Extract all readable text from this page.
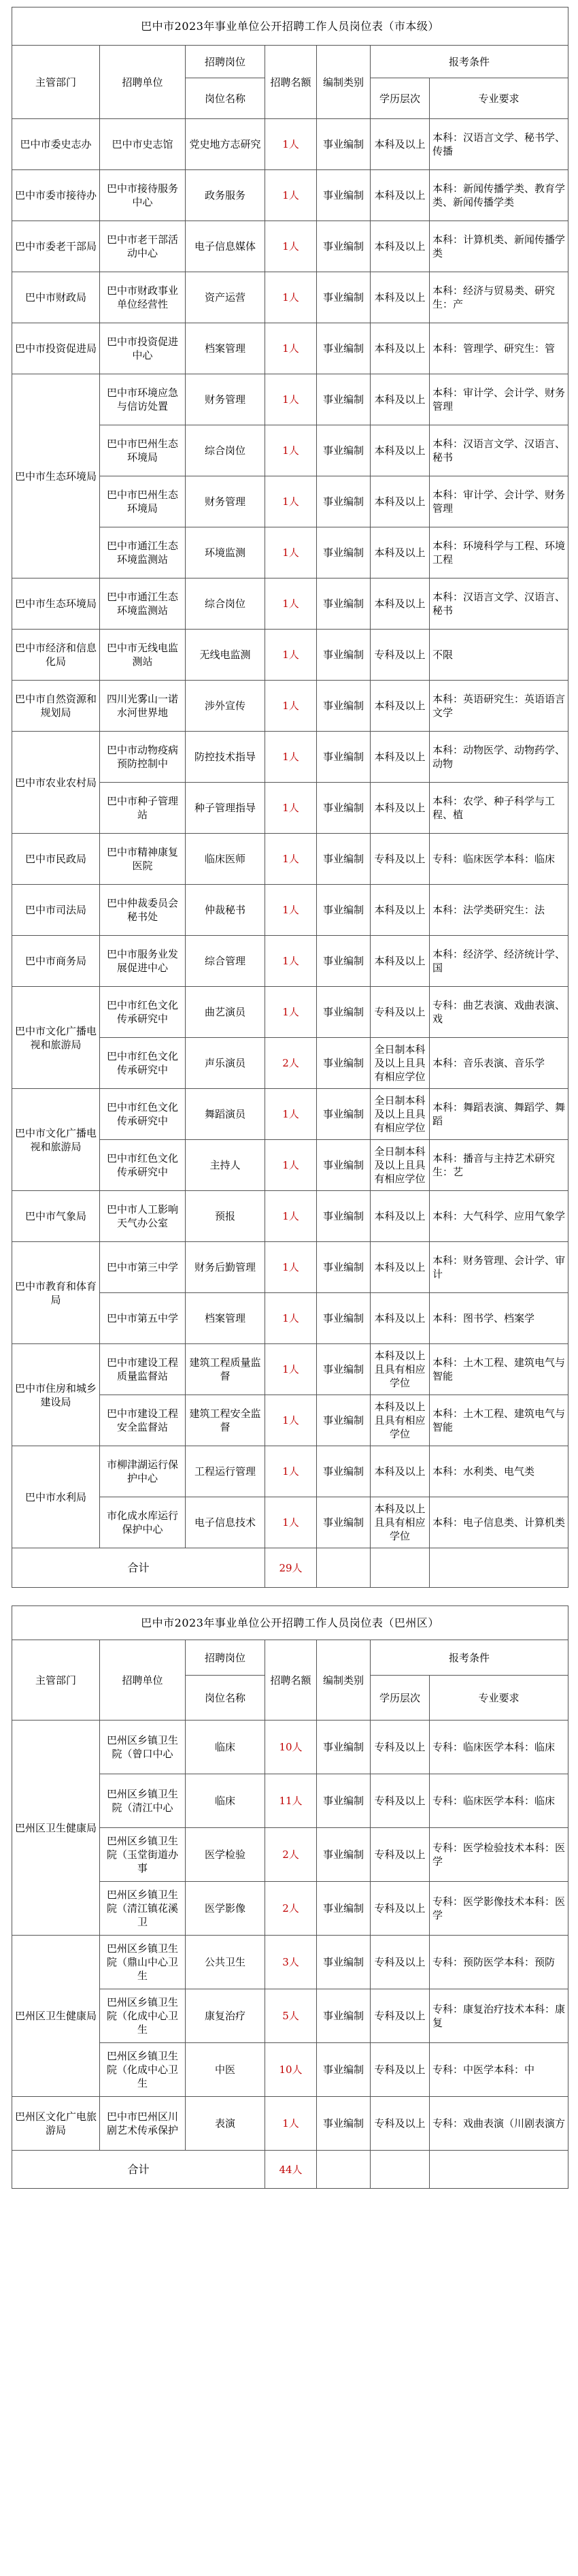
巴中市2023年事业单位公开招聘工作人员岗位表（市本级）						
主管部门	招聘单位	招聘岗位	招聘名额	编制类别	报考条件	
		岗位名称			学历层次	专业要求
巴中市委史志办	巴中市史志馆	党史地方志研究	1人	事业编制	本科及以上	本科：汉语言文学、秘书学、传播

巴中市委市接待办	巴中市接待服务中心	政务服务	1人	事业编制	本科及以上	本科：新闻传播学类、教育学类、新闻传播学类

巴中市委老干部局	巴中市老干部活动中心	电子信息媒体	1人	事业编制	本科及以上	本科：计算机类、新闻传播学类

巴中市财政局	巴中市财政事业单位经营性	资产运营	1人	事业编制	本科及以上	本科：经济与贸易类、研究生：产

巴中市投资促进局	巴中市投资促进中心	档案管理	1人	事业编制	本科及以上	本科：管理学、研究生：管

巴中市生态环境局	巴中市环境应急与信访处置	财务管理	1人	事业编制	本科及以上	本科：审计学、会计学、财务管理

	巴中市巴州生态环境局	综合岗位	1人	事业编制	本科及以上	本科：汉语言文学、汉语言、秘书

	巴中市巴州生态环境局	财务管理	1人	事业编制	本科及以上	本科：审计学、会计学、财务管理

	巴中市通江生态环境监测站	环境监测	1人	事业编制	本科及以上	本科：环境科学与工程、环境工程

巴中市生态环境局	巴中市通江生态环境监测站	综合岗位	1人	事业编制	本科及以上	本科：汉语言文学、汉语言、秘书

巴中市经济和信息化局	巴中市无线电监测站	无线电监测	1人	事业编制	专科及以上	不限

巴中市自然资源和规划局	四川光雾山一诺水河世界地	涉外宣传	1人	事业编制	本科及以上	本科：英语研究生：英语语言文学

巴中市农业农村局	巴中市动物疫病预防控制中	防控技术指导	1人	事业编制	本科及以上	本科：动物医学、动物药学、动物

	巴中市种子管理站	种子管理指导	1人	事业编制	本科及以上	本科：农学、种子科学与工程、植

巴中市民政局	巴中市精神康复医院	临床医师	1人	事业编制	专科及以上	专科：临床医学本科：临床

巴中市司法局	巴中仲裁委员会秘书处	仲裁秘书	1人	事业编制	本科及以上	本科：法学类研究生：法

巴中市商务局	巴中市服务业发展促进中心	综合管理	1人	事业编制	本科及以上	本科：经济学、经济统计学、国

巴中市文化广播电视和旅游局	巴中市红色文化传承研究中	曲艺演员	1人	事业编制	专科及以上	专科：曲艺表演、戏曲表演、戏

	巴中市红色文化传承研究中	声乐演员	2人	事业编制	全日制本科及以上且具有相应学位	本科：音乐表演、音乐学

巴中市文化广播电视和旅游局	巴中市红色文化传承研究中	舞蹈演员	1人	事业编制	全日制本科及以上且具有相应学位	本科：舞蹈表演、舞蹈学、舞蹈

	巴中市红色文化传承研究中	主持人	1人	事业编制	全日制本科及以上且具有相应学位	本科：播音与主持艺术研究生：艺

巴中市气象局	巴中市人工影响天气办公室	预报	1人	事业编制	本科及以上	本科：大气科学、应用气象学

巴中市教育和体育局	巴中市第三中学	财务后勤管理	1人	事业编制	本科及以上	本科：财务管理、会计学、审计

	巴中市第五中学	档案管理	1人	事业编制	本科及以上	本科：图书学、档案学

巴中市住房和城乡建设局	巴中市建设工程质量监督站	建筑工程质量监督	1人	事业编制	本科及以上且具有相应学位	本科：土木工程、建筑电气与智能

	巴中市建设工程安全监督站	建筑工程安全监督	1人	事业编制	本科及以上且具有相应学位	本科：土木工程、建筑电气与智能

巴中市水利局	市柳津湖运行保护中心	工程运行管理	1人	事业编制	本科及以上	本科：水利类、电气类

	市化成水库运行保护中心	电子信息技术	1人	事业编制	本科及以上且具有相应学位	本科：电子信息类、计算机类

合计			29人			
巴中市2023年事业单位公开招聘工作人员岗位表（巴州区）						
主管部门	招聘单位	招聘岗位	招聘名额	编制类别	报考条件	
		岗位名称			学历层次	专业要求
巴州区卫生健康局	巴州区乡镇卫生院（曾口中心	临床	10人	事业编制	专科及以上	专科：临床医学本科：临床

	巴州区乡镇卫生院（清江中心	临床	11人	事业编制	专科及以上	专科：临床医学本科：临床

	巴州区乡镇卫生院（玉堂街道办事	医学检验	2人	事业编制	专科及以上	专科：医学检验技术本科：医学

	巴州区乡镇卫生院（清江镇花溪卫	医学影像	2人	事业编制	专科及以上	专科：医学影像技术本科：医学

巴州区卫生健康局	巴州区乡镇卫生院（鼎山中心卫生	公共卫生	3人	事业编制	专科及以上	专科：预防医学本科：预防

	巴州区乡镇卫生院（化成中心卫生	康复治疗	5人	事业编制	专科及以上	专科：康复治疗技术本科：康复

	巴州区乡镇卫生院（化成中心卫生	中医	10人	事业编制	专科及以上	专科：中医学本科：中

巴州区文化广电旅游局	巴中市巴州区川剧艺术传承保护	表演	1人	事业编制	专科及以上	专科：戏曲表演（川剧表演方

合计			44人			
